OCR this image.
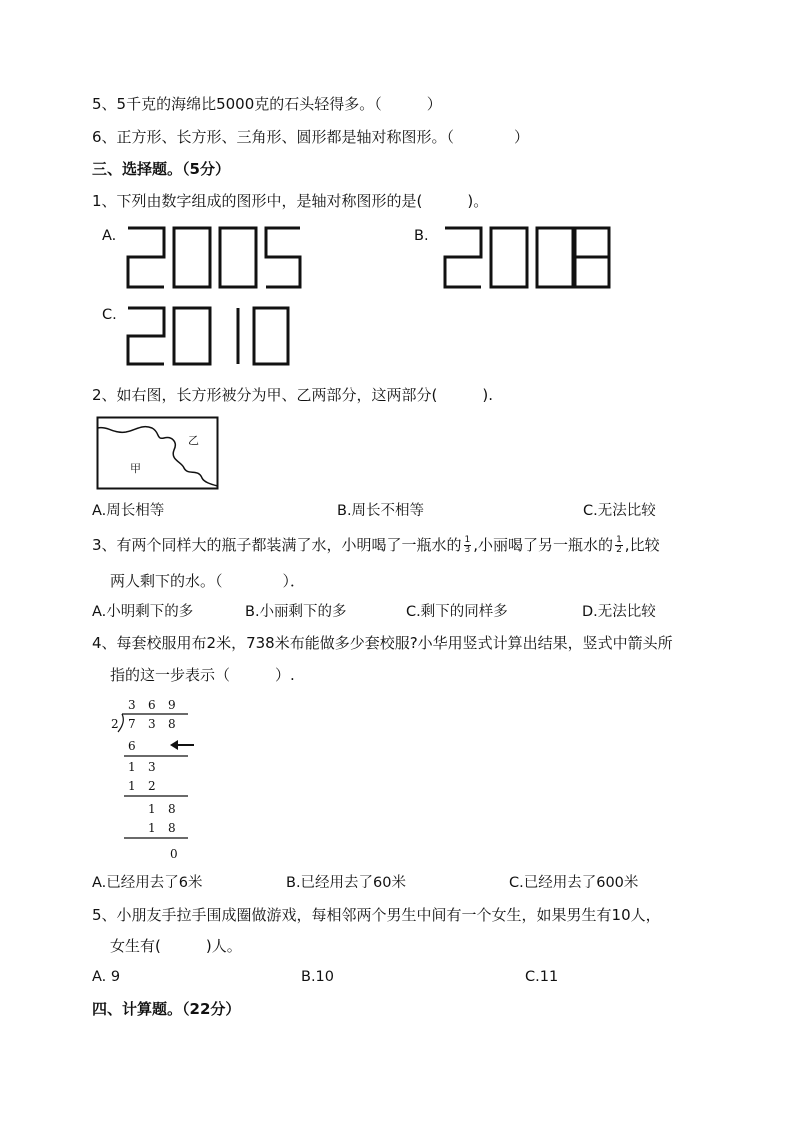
5、5千克的海绵比5000克的石头轻得多。（　　　）
6、正方形、长方形、三角形、圆形都是轴对称图形。（　　　　）
三、选择题。（5分）
1、下列由数字组成的图形中，是轴对称图形的是(　　　)。
A.	B.
C.
2、如右图，长方形被分为甲、乙两部分，这两部分(　　　).
乙
甲
A.周长相等	B.周长不相等	C.无法比较
3、有两个同样大的瓶子都装满了水，小明喝了一瓶水的 $\frac{1}{3}$ ,小丽喝了另一瓶水的 $\frac{1}{2}$ ,比较
两人剩下的水。（　　　　）．
A.小明剩下的多	B.小丽剩下的多	C.剩下的同样多	D.无法比较
4、每套校服用布2米，738米布能做多少套校服?小华用竖式计算出结果，竖式中箭头所
指的这一步表示（　　　）.
3 6 9
2 7 3 8
6
1 3
1 2
1 8
1 8
0
A.已经用去了6米	B.已经用去了60米	C.已经用去了600米
5、小朋友手拉手围成圈做游戏，每相邻两个男生中间有一个女生，如果男生有10人，
女生有(　　　)人。
A. 9	B.10	C.11
四、计算题。（22分）
